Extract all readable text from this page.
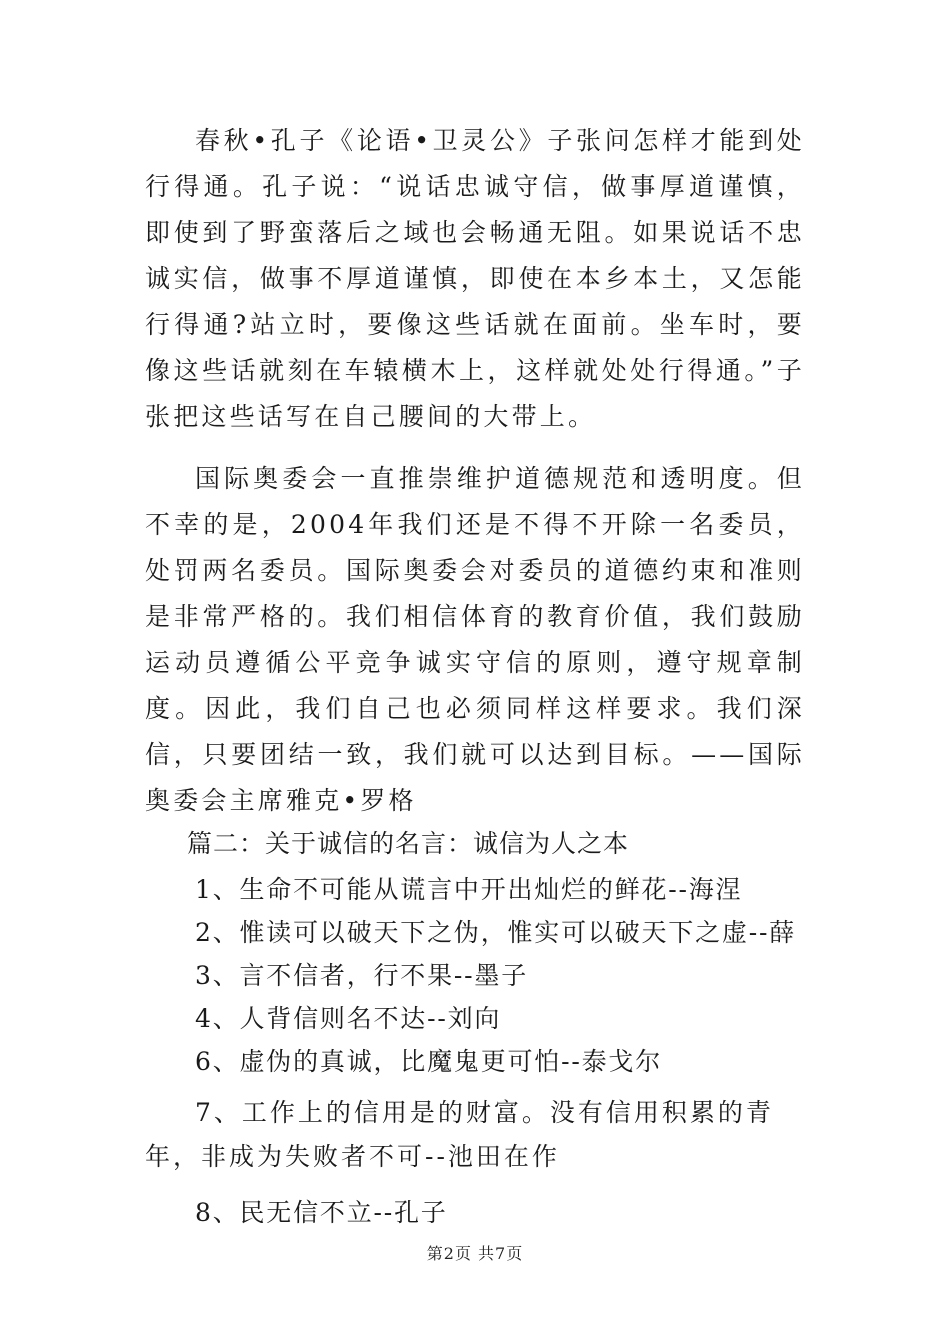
春秋•孔子《论语•卫灵公》子张问怎样才能到处行得通。孔子说：“说话忠诚守信，做事厚道谨慎，即使到了野蛮落后之域也会畅通无阻。如果说话不忠诚实信，做事不厚道谨慎，即使在本乡本土，又怎能行得通?站立时，要像这些话就在面前。坐车时，要像这些话就刻在车辕横木上，这样就处处行得通。”子张把这些话写在自己腰间的大带上。

国际奥委会一直推崇维护道德规范和透明度。但不幸的是，2004年我们还是不得不开除一名委员，处罚两名委员。国际奥委会对委员的道德约束和准则是非常严格的。我们相信体育的教育价值，我们鼓励运动员遵循公平竞争诚实守信的原则，遵守规章制度。因此，我们自己也必须同样这样要求。我们深信，只要团结一致，我们就可以达到目标。——国际奥委会主席雅克•罗格

篇二：关于诚信的名言：诚信为人之本

1、生命不可能从谎言中开出灿烂的鲜花--海涅

2、惟读可以破天下之伪，惟实可以破天下之虚--薛

3、言不信者，行不果--墨子

4、人背信则名不达--刘向

6、虚伪的真诚，比魔鬼更可怕--泰戈尔

7、工作上的信用是的财富。没有信用积累的青年，非成为失败者不可--池田在作

8、民无信不立--孔子

第2页 共7页
